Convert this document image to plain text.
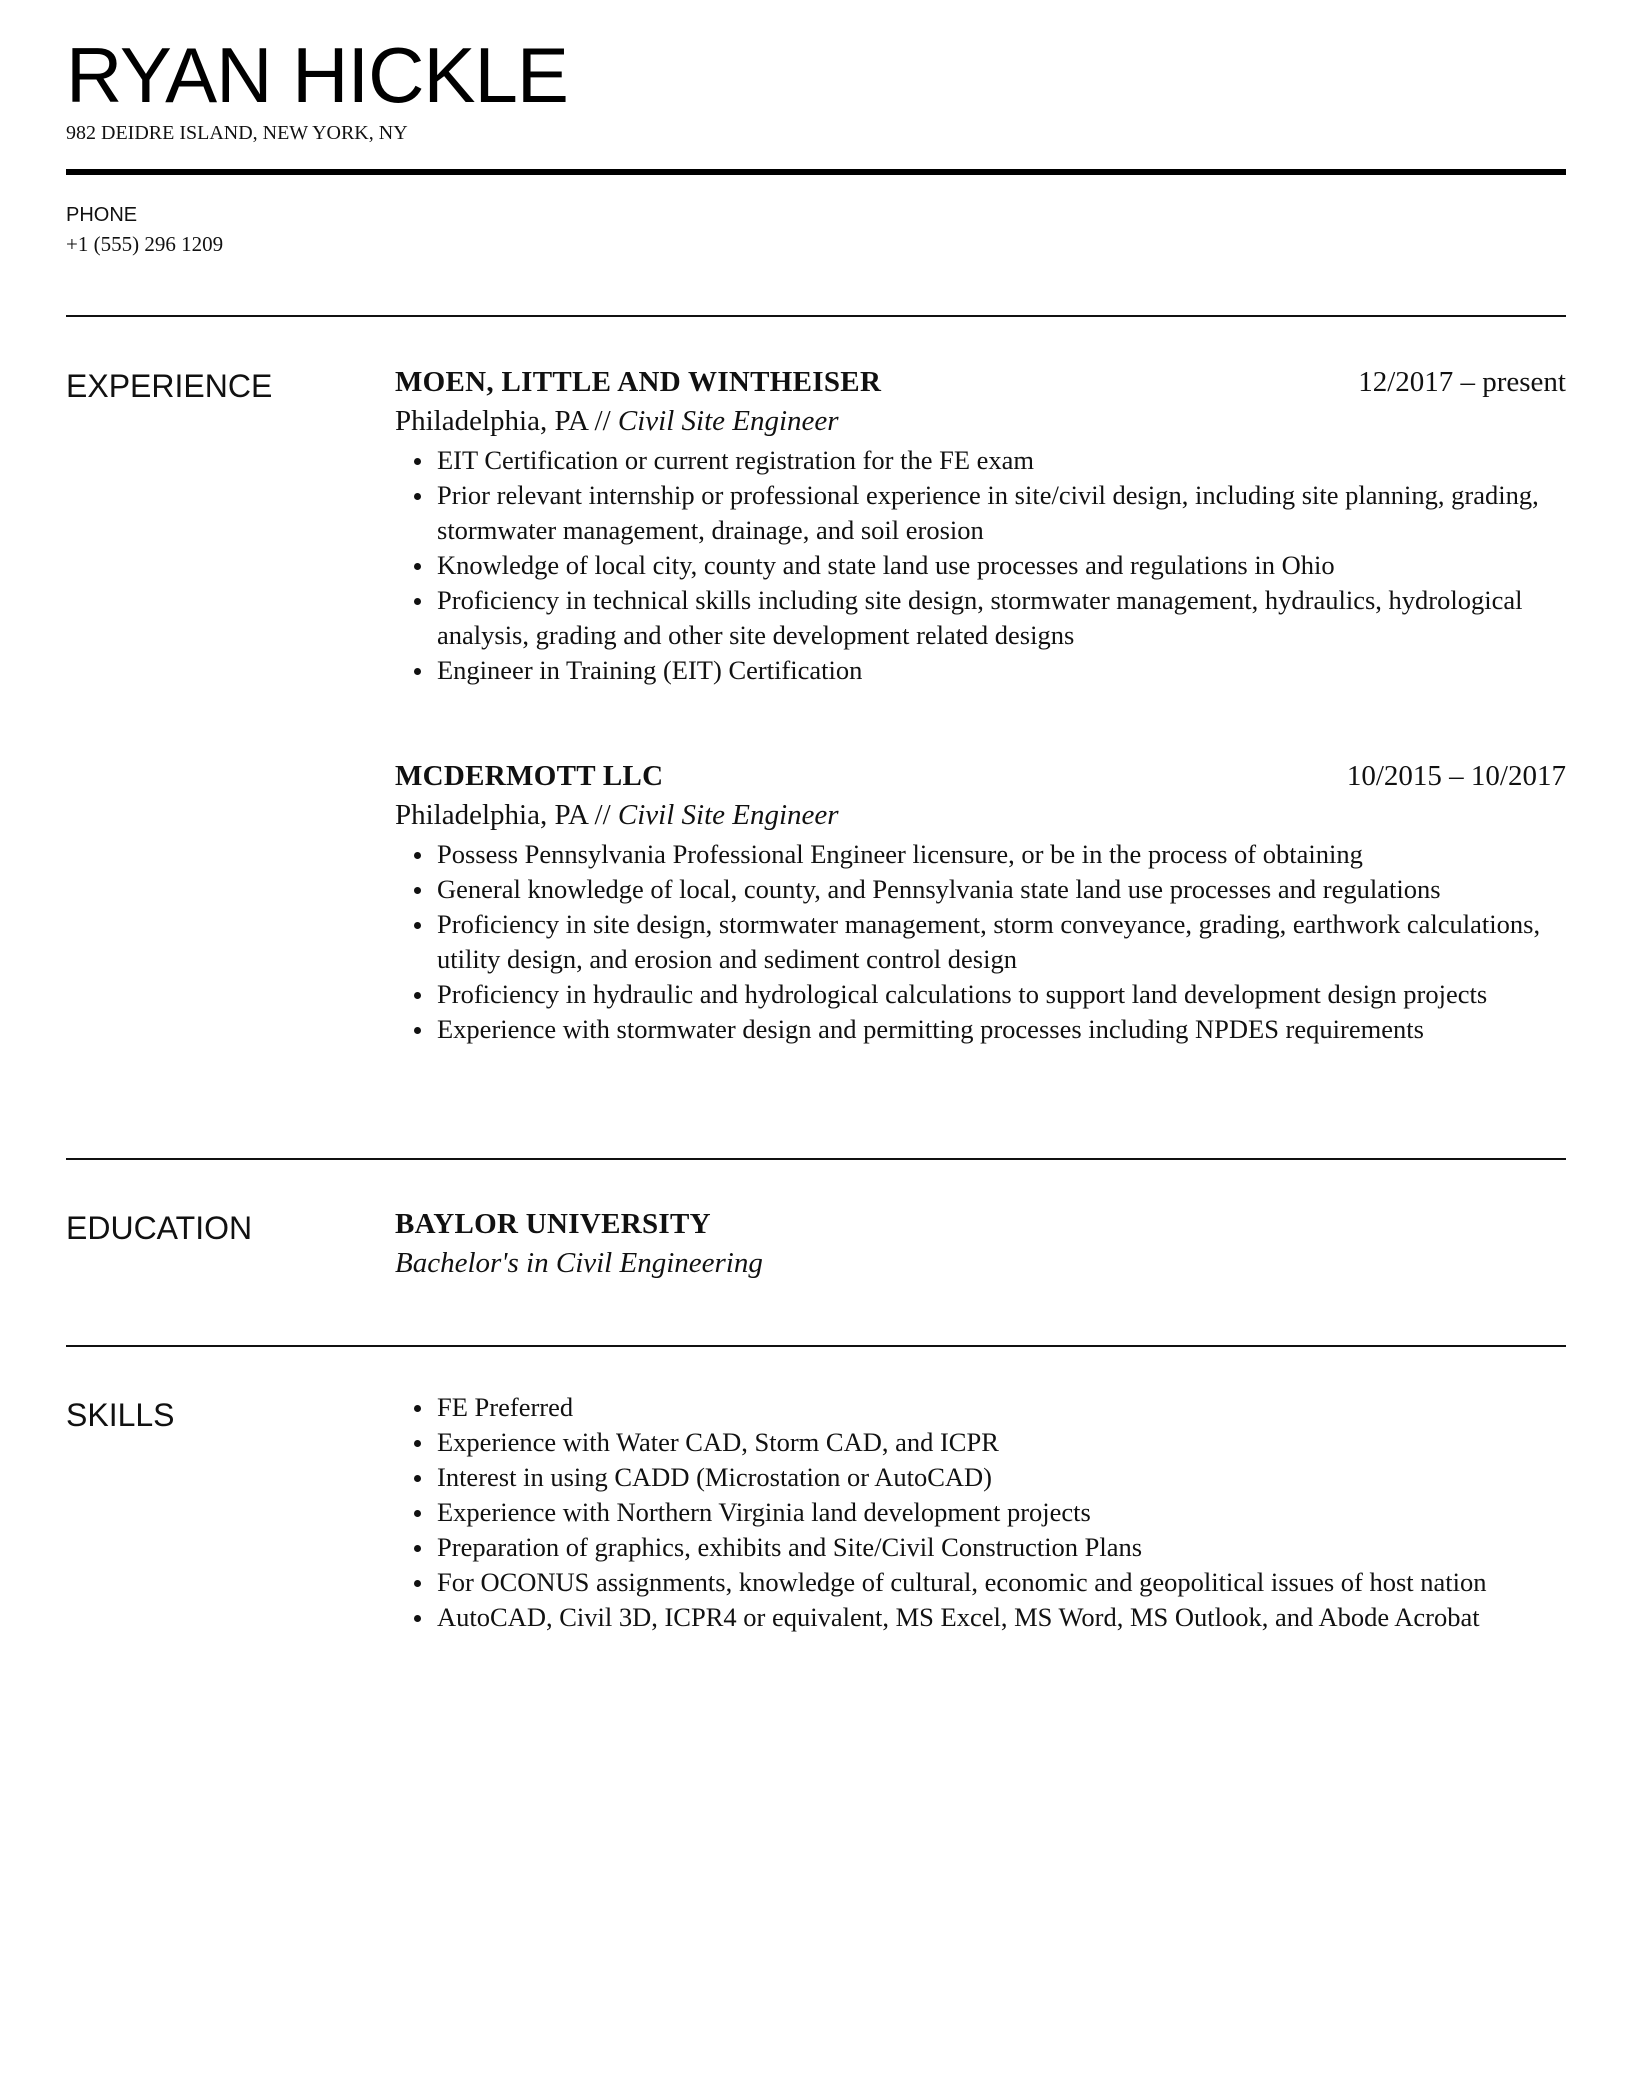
RYAN HICKLE
982 DEIDRE ISLAND, NEW YORK, NY
PHONE
+1 (555) 296 1209
EXPERIENCE	MOEN, LITTLE AND WINTHEISER	12/2017 – present
Philadelphia, PA // Civil Site Engineer
EIT Certification or current registration for the FE exam
Prior relevant internship or professional experience in site/civil design, including site planning, grading, stormwater management, drainage, and soil erosion
Knowledge of local city, county and state land use processes and regulations in Ohio
Proficiency in technical skills including site design, stormwater management, hydraulics, hydrological analysis, grading and other site development related designs
Engineer in Training (EIT) Certification
MCDERMOTT LLC	10/2015 – 10/2017
Philadelphia, PA // Civil Site Engineer
Possess Pennsylvania Professional Engineer licensure, or be in the process of obtaining
General knowledge of local, county, and Pennsylvania state land use processes and regulations
Proficiency in site design, stormwater management, storm conveyance, grading, earthwork calculations, utility design, and erosion and sediment control design
Proficiency in hydraulic and hydrological calculations to support land development design projects
Experience with stormwater design and permitting processes including NPDES requirements
EDUCATION	BAYLOR UNIVERSITY
Bachelor's in Civil Engineering
SKILLS	FE Preferred
Experience with Water CAD, Storm CAD, and ICPR
Interest in using CADD (Microstation or AutoCAD)
Experience with Northern Virginia land development projects
Preparation of graphics, exhibits and Site/Civil Construction Plans
For OCONUS assignments, knowledge of cultural, economic and geopolitical issues of host nation
AutoCAD, Civil 3D, ICPR4 or equivalent, MS Excel, MS Word, MS Outlook, and Abode Acrobat
